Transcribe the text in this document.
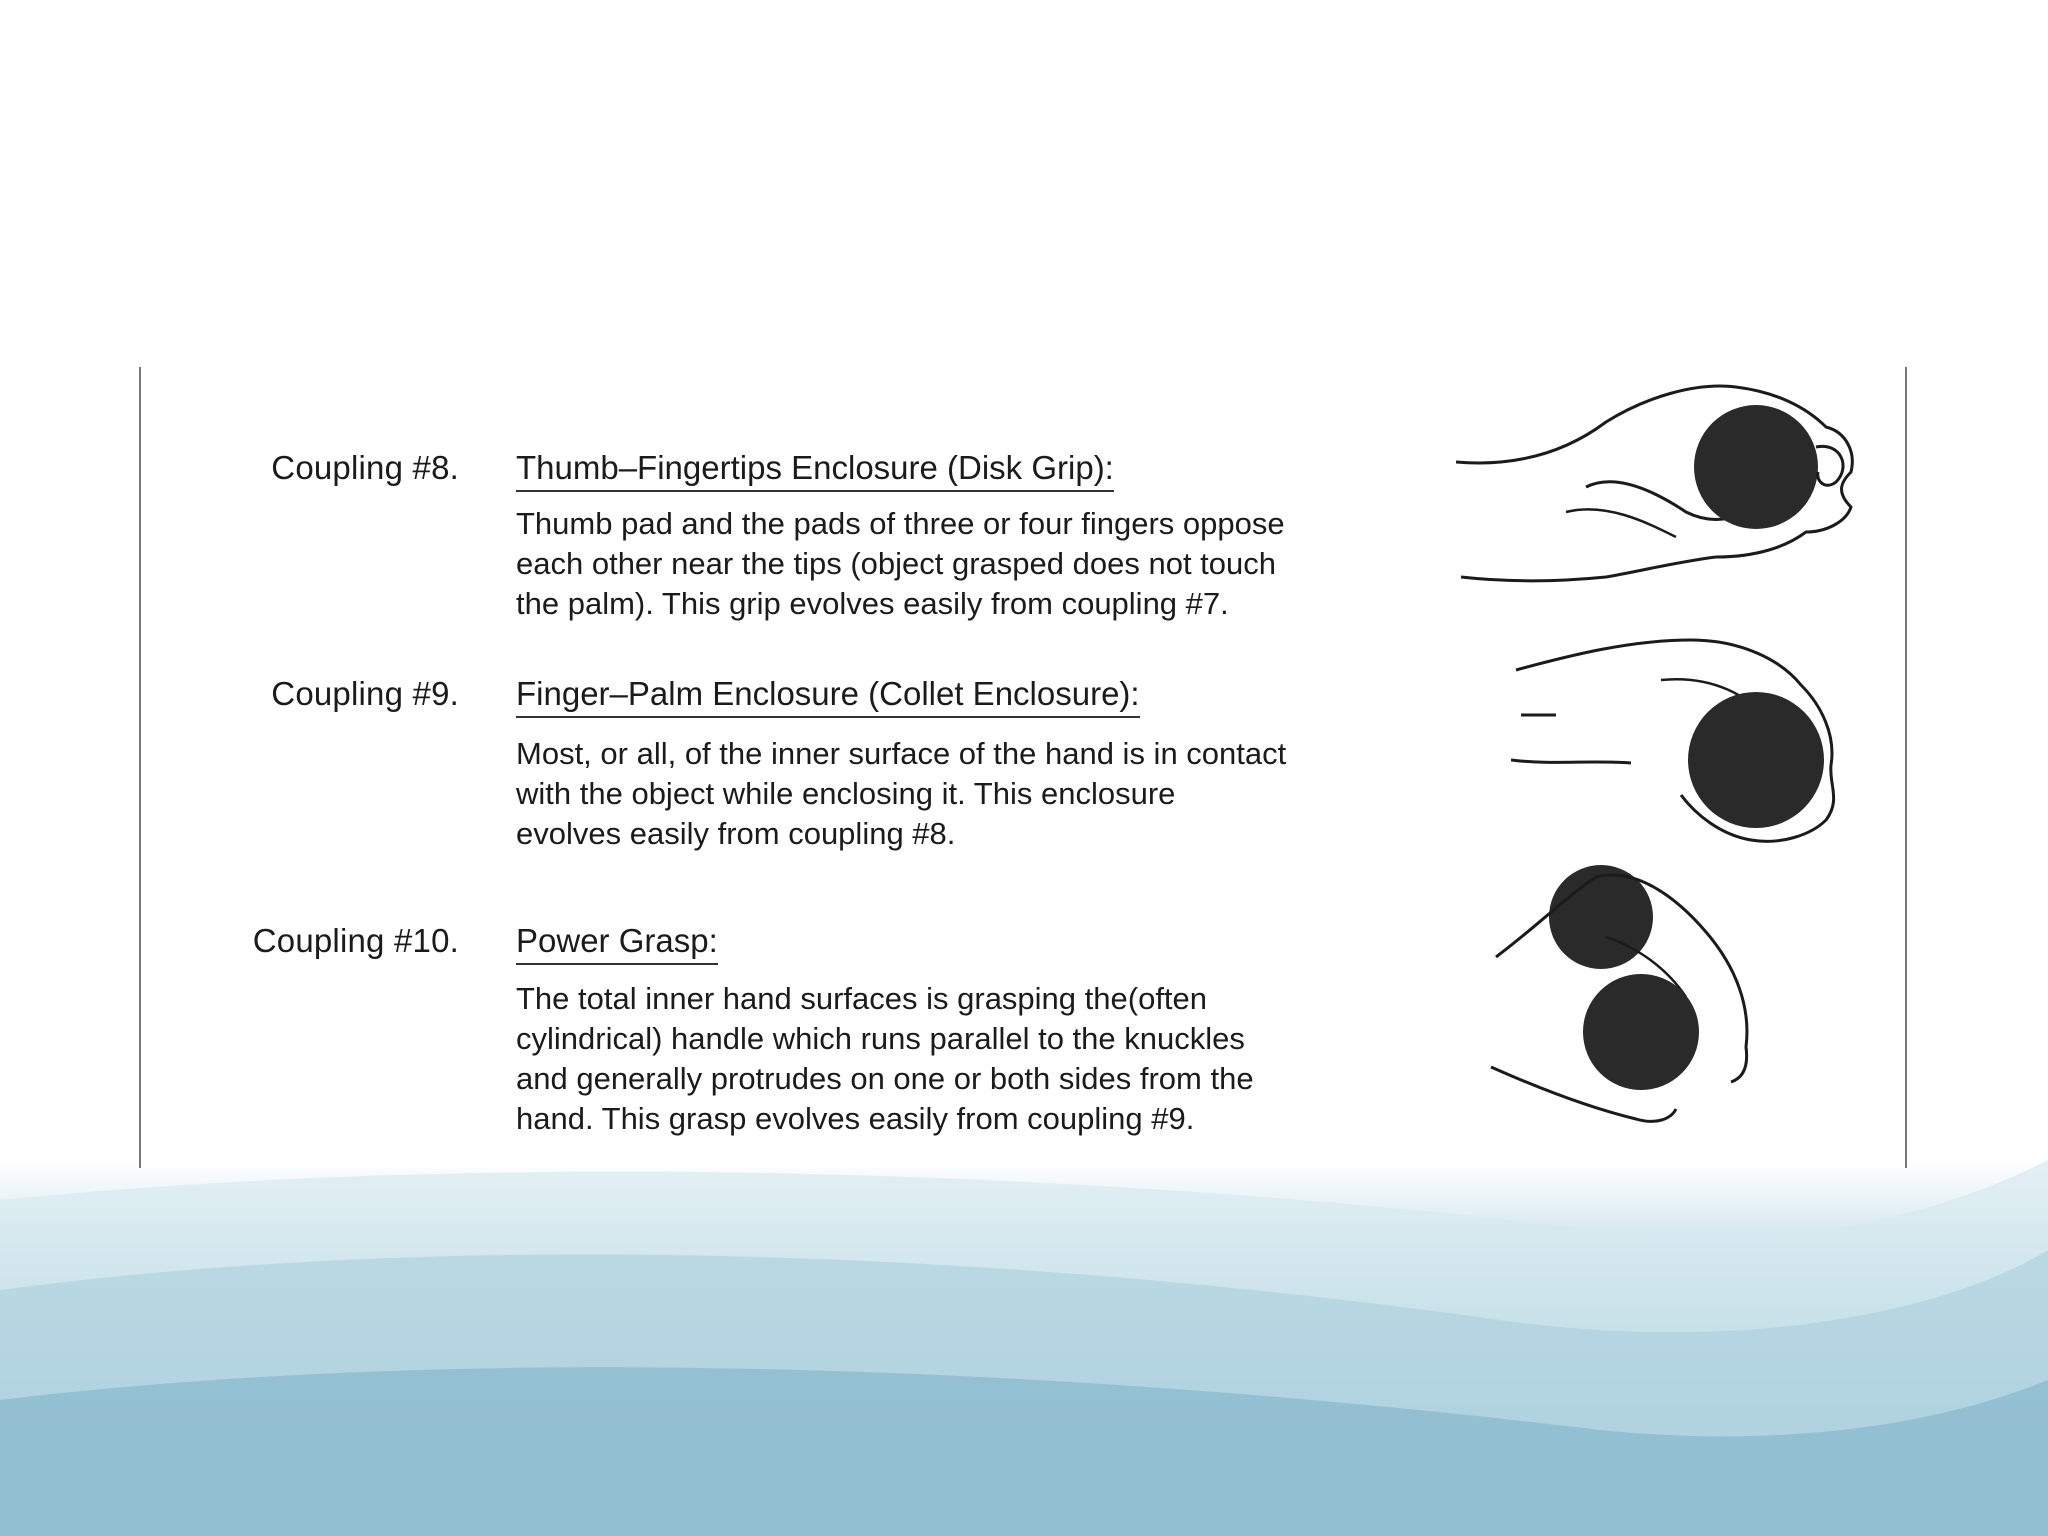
Coupling #8. Thumb–Fingertips Enclosure (Disk Grip):
Thumb pad and the pads of three or four fingers oppose
each other near the tips (object grasped does not touch
the palm). This grip evolves easily from coupling #7.
Coupling #9. Finger–Palm Enclosure (Collet Enclosure):
Most, or all, of the inner surface of the hand is in contact
with the object while enclosing it. This enclosure
evolves easily from coupling #8.
Coupling #10. Power Grasp:
The total inner hand surfaces is grasping the(often
cylindrical) handle which runs parallel to the knuckles
and generally protrudes on one or both sides from the
hand. This grasp evolves easily from coupling #9.
